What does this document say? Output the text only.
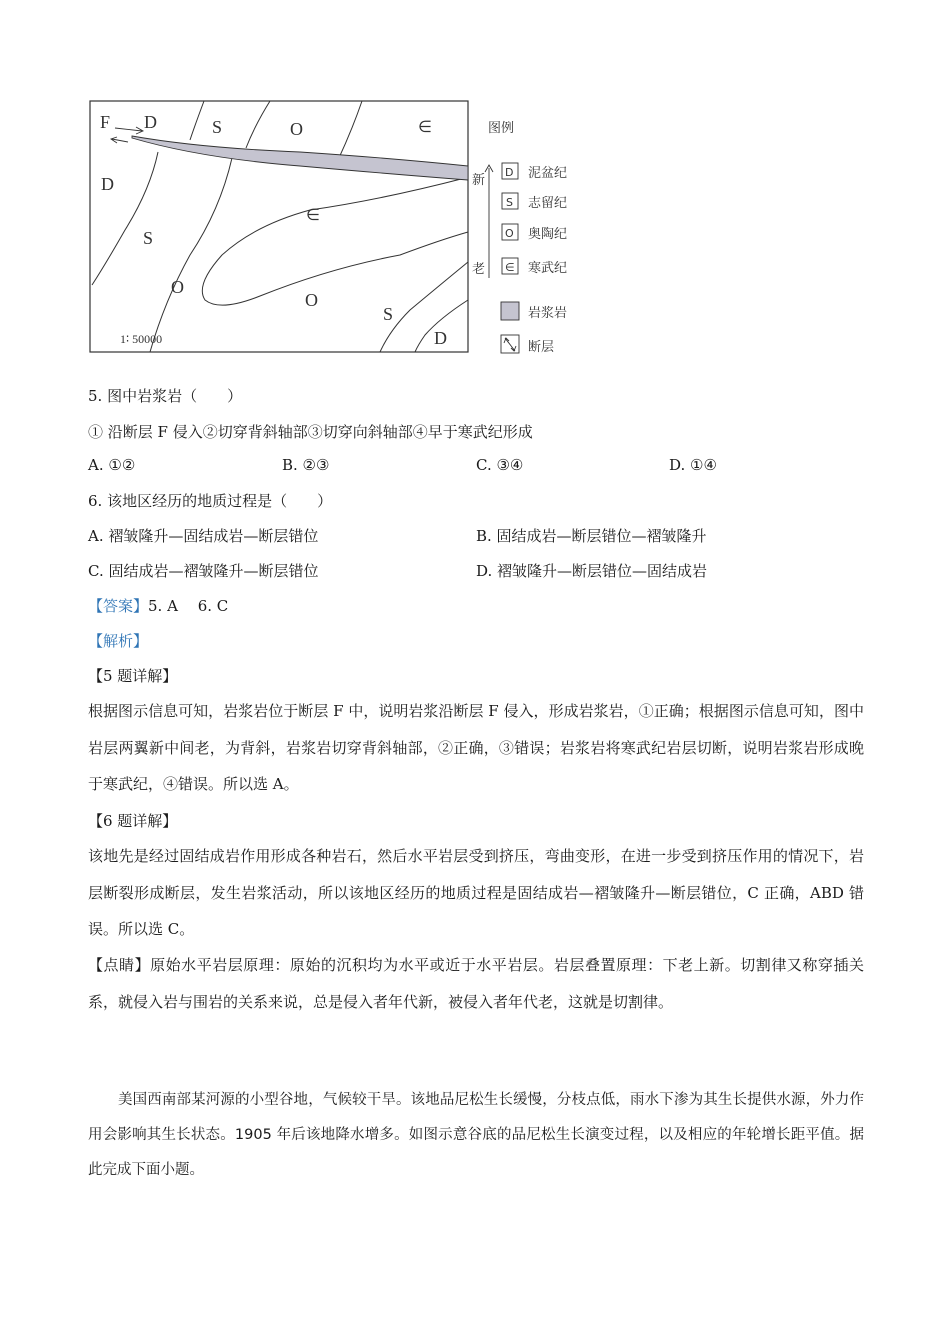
F D	S	O	∈
D
S
∈
O
O
S
D
1∶ 50000
图例
新
老
D 泥盆纪
S 志留纪
O 奥陶纪
∈ 寒武纪
岩浆岩
断层
5. 图中岩浆岩（　　）
① 沿断层 F 侵入②切穿背斜轴部③切穿向斜轴部④早于寒武纪形成
A. ①②	B. ②③	C. ③④	D. ①④
6. 该地区经历的地质过程是（　　）
A. 褶皱隆升—固结成岩—断层错位	B. 固结成岩—断层错位—褶皱隆升
C. 固结成岩—褶皱隆升—断层错位	D. 褶皱隆升—断层错位—固结成岩
【答案】5. A　 6. C
【解析】
【5 题详解】
根据图示信息可知，岩浆岩位于断层 F 中，说明岩浆沿断层 F 侵入，形成岩浆岩，①正确；根据图示信息可知，图中岩层两翼新中间老，为背斜，岩浆岩切穿背斜轴部，②正确，③错误；岩浆岩将寒武纪岩层切断，说明岩浆岩形成晚于寒武纪，④错误。所以选 A。
【6 题详解】
该地先是经过固结成岩作用形成各种岩石，然后水平岩层受到挤压，弯曲变形，在进一步受到挤压作用的情况下，岩层断裂形成断层，发生岩浆活动，所以该地区经历的地质过程是固结成岩—褶皱隆升—断层错位，C 正确，ABD 错误。所以选 C。
【点睛】原始水平岩层原理：原始的沉积均为水平或近于水平岩层。岩层叠置原理：下老上新。切割律又称穿插关系，就侵入岩与围岩的关系来说，总是侵入者年代新，被侵入者年代老，这就是切割律。
美国西南部某河源的小型谷地，气候较干旱。该地品尼松生长缓慢，分枝点低，雨水下渗为其生长提供水源，外力作用会影响其生长状态。1905 年后该地降水增多。如图示意谷底的品尼松生长演变过程，以及相应的年轮增长距平值。据此完成下面小题。
